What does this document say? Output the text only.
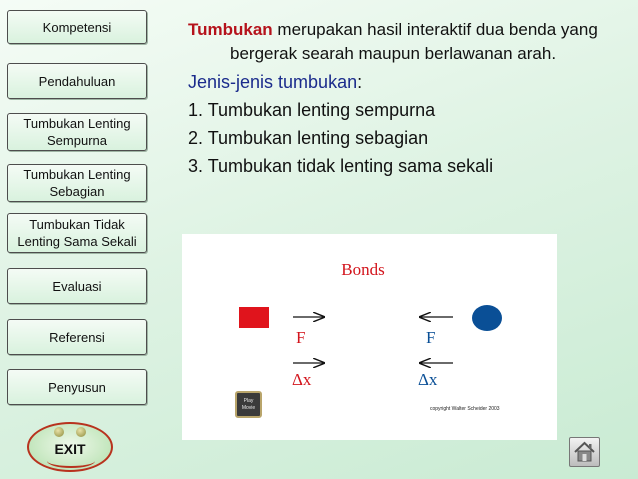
Kompetensi
Pendahuluan
Tumbukan Lenting
Sempurna
Tumbukan Lenting
Sebagian
Tumbukan Tidak
Lenting Sama Sekali
Evaluasi
Referensi
Penyusun
EXIT

Tumbukan merupakan hasil interaktif dua benda yang bergerak searah maupun berlawanan arah.

Jenis-jenis tumbukan:

1. Tumbukan lenting sempurna

2. Tumbukan lenting sebagian

3. Tumbukan tidak lenting sama sekali

Bonds
F	F
Δx	Δx
Play
Movie	copyright Walter Scheider 2003
